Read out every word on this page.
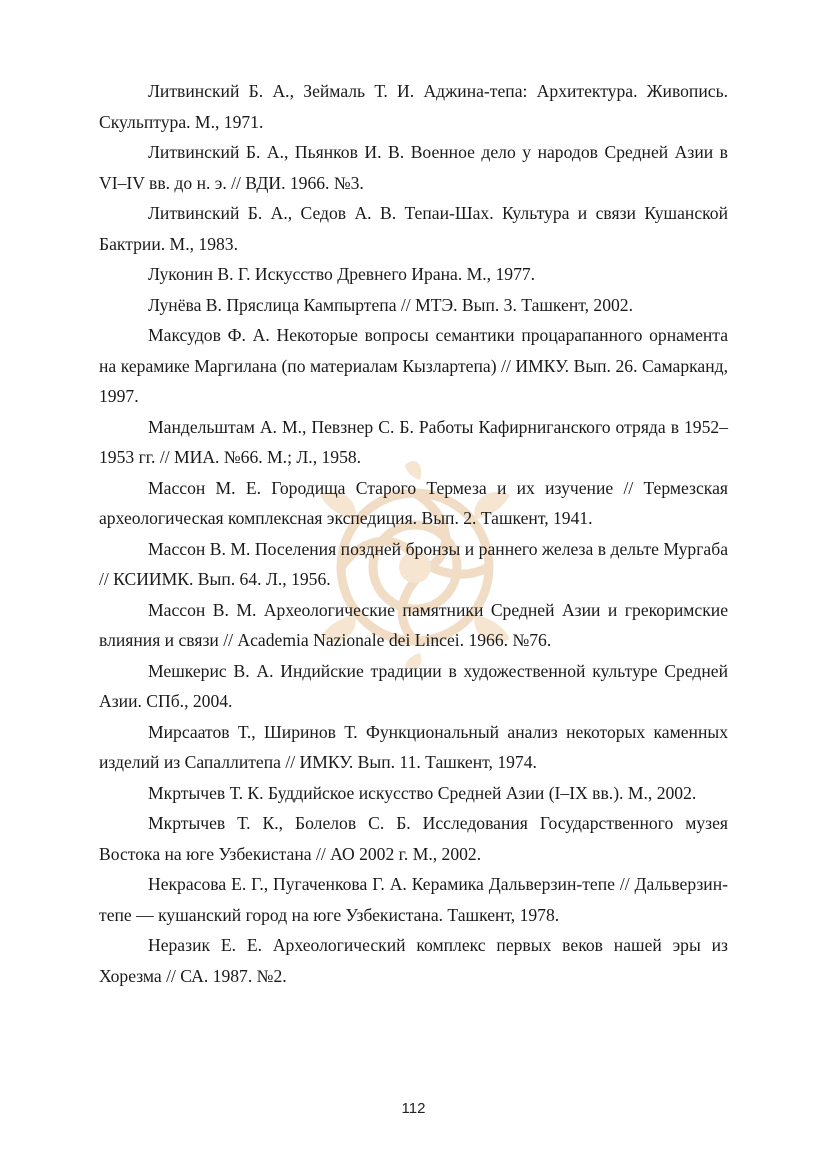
Литвинский Б. А., Зеймаль Т. И. Аджина-тепа: Архитектура. Живопись. Скульптура. М., 1971.

Литвинский Б. А., Пьянков И. В. Военное дело у народов Средней Азии в VI–IV вв. до н. э. // ВДИ. 1966. №3.

Литвинский Б. А., Седов А. В. Тепаи-Шах. Культура и связи Кушанской Бактрии. М., 1983.

Луконин В. Г. Искусство Древнего Ирана. М., 1977.

Лунёва В. Пряслица Кампыртепа // МТЭ. Вып. 3. Ташкент, 2002.

Максудов Ф. А. Некоторые вопросы семантики процарапанного орнамента на керамике Маргилана (по материалам Кызлартепа) // ИМКУ. Вып. 26. Самарканд, 1997.

Мандельштам А. М., Певзнер С. Б. Работы Кафирниганского отряда в 1952–1953 гг. // МИА. №66. М.; Л., 1958.

Массон М. Е. Городища Старого Термеза и их изучение // Термезская археологическая комплексная экспедиция. Вып. 2. Ташкент, 1941.

Массон В. М. Поселения поздней бронзы и раннего железа в дельте Мургаба // КСИИМК. Вып. 64. Л., 1956.

Массон В. М. Археологические памятники Средней Азии и грекоримские влияния и связи // Academia Nazionale dei Lincei. 1966. №76.

Мешкерис В. А. Индийские традиции в художественной культуре Средней Азии. СПб., 2004.

Мирсаатов Т., Ширинов Т. Функциональный анализ некоторых каменных изделий из Сапаллитепа // ИМКУ. Вып. 11. Ташкент, 1974.

Мкртычев Т. К. Буддийское искусство Средней Азии (I–IX вв.). М., 2002.

Мкртычев Т. К., Болелов С. Б. Исследования Государственного музея Востока на юге Узбекистана // АО 2002 г. М., 2002.

Некрасова Е. Г., Пугаченкова Г. А. Керамика Дальверзин-тепе // Дальверзин-тепе — кушанский город на юге Узбекистана. Ташкент, 1978.

Неразик Е. Е. Археологический комплекс первых веков нашей эры из Хорезма // СА. 1987. №2.

112
